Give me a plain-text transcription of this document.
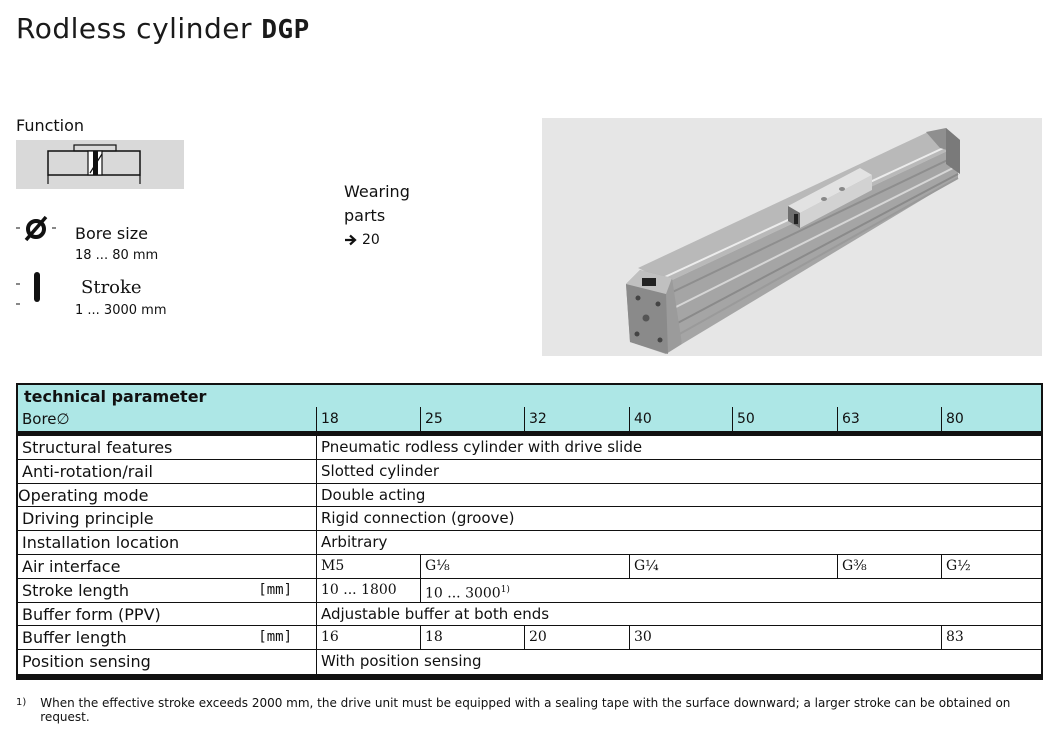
Rodless cylinder DGP
Function
Bore size
18 ... 80 mm
Stroke
1 ... 3000 mm
Wearing
parts
20
technical parameter
Bore∅	18	25	32	40	50	63	80
Structural features	Pneumatic rodless cylinder with drive slide
Anti-rotation/rail	Slotted cylinder
Operating mode	Double acting
Driving principle	Rigid connection (groove)
Installation location	Arbitrary
Air interface	M5	G⅛	G¼	G⅜	G½
Stroke length	[mm]	10 ... 1800	10 ... 3000$^{1)}$
Buffer form (PPV)	Adjustable buffer at both ends
Buffer length	[mm]	16	18	20	30	83
Position sensing	With position sensing
1) When the effective stroke exceeds 2000 mm, the drive unit must be equipped with a sealing tape with the surface downward; a larger stroke can be obtained on request.
